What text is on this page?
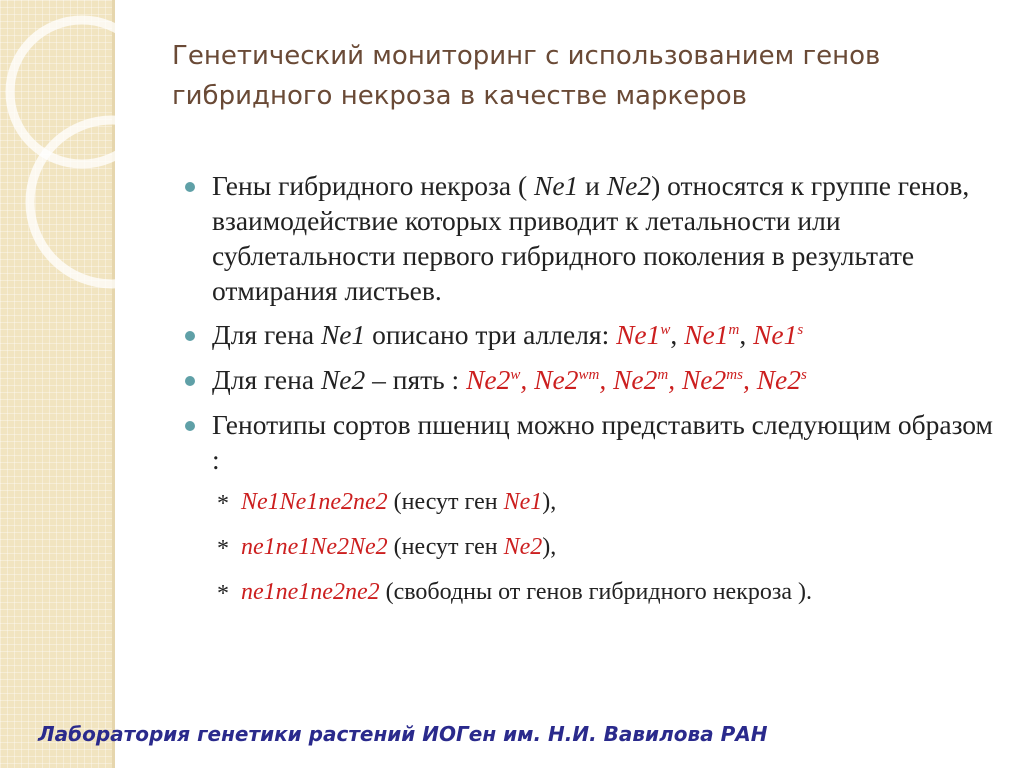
Генетический мониторинг с использованием генов гибридного некроза в качестве маркеров
Гены гибридного некроза ( Ne1 и Ne2) относятся к группе генов, взаимодействие которых приводит к летальности или сублетальности первого гибридного поколения в результате отмирания листьев.
Для гена Ne1 описано три аллеля: Ne1$^w$, Ne1$^m$, Ne1$^s$
Для гена Ne2 – пять : Ne2$^w$, $Ne2^{wm}$, Ne2$^m$, $Ne2^{ms}$, Ne2$^s$
Генотипы сортов пшениц можно представить следующим образом :
* Ne1Ne1ne2ne2 (несут ген Ne1),
* ne1ne1Ne2Ne2 (несут ген Ne2),
* ne1ne1ne2ne2 (свободны от генов гибридного некроза ).
Лаборатория генетики растений ИОГен им. Н.И. Вавилова РАН
